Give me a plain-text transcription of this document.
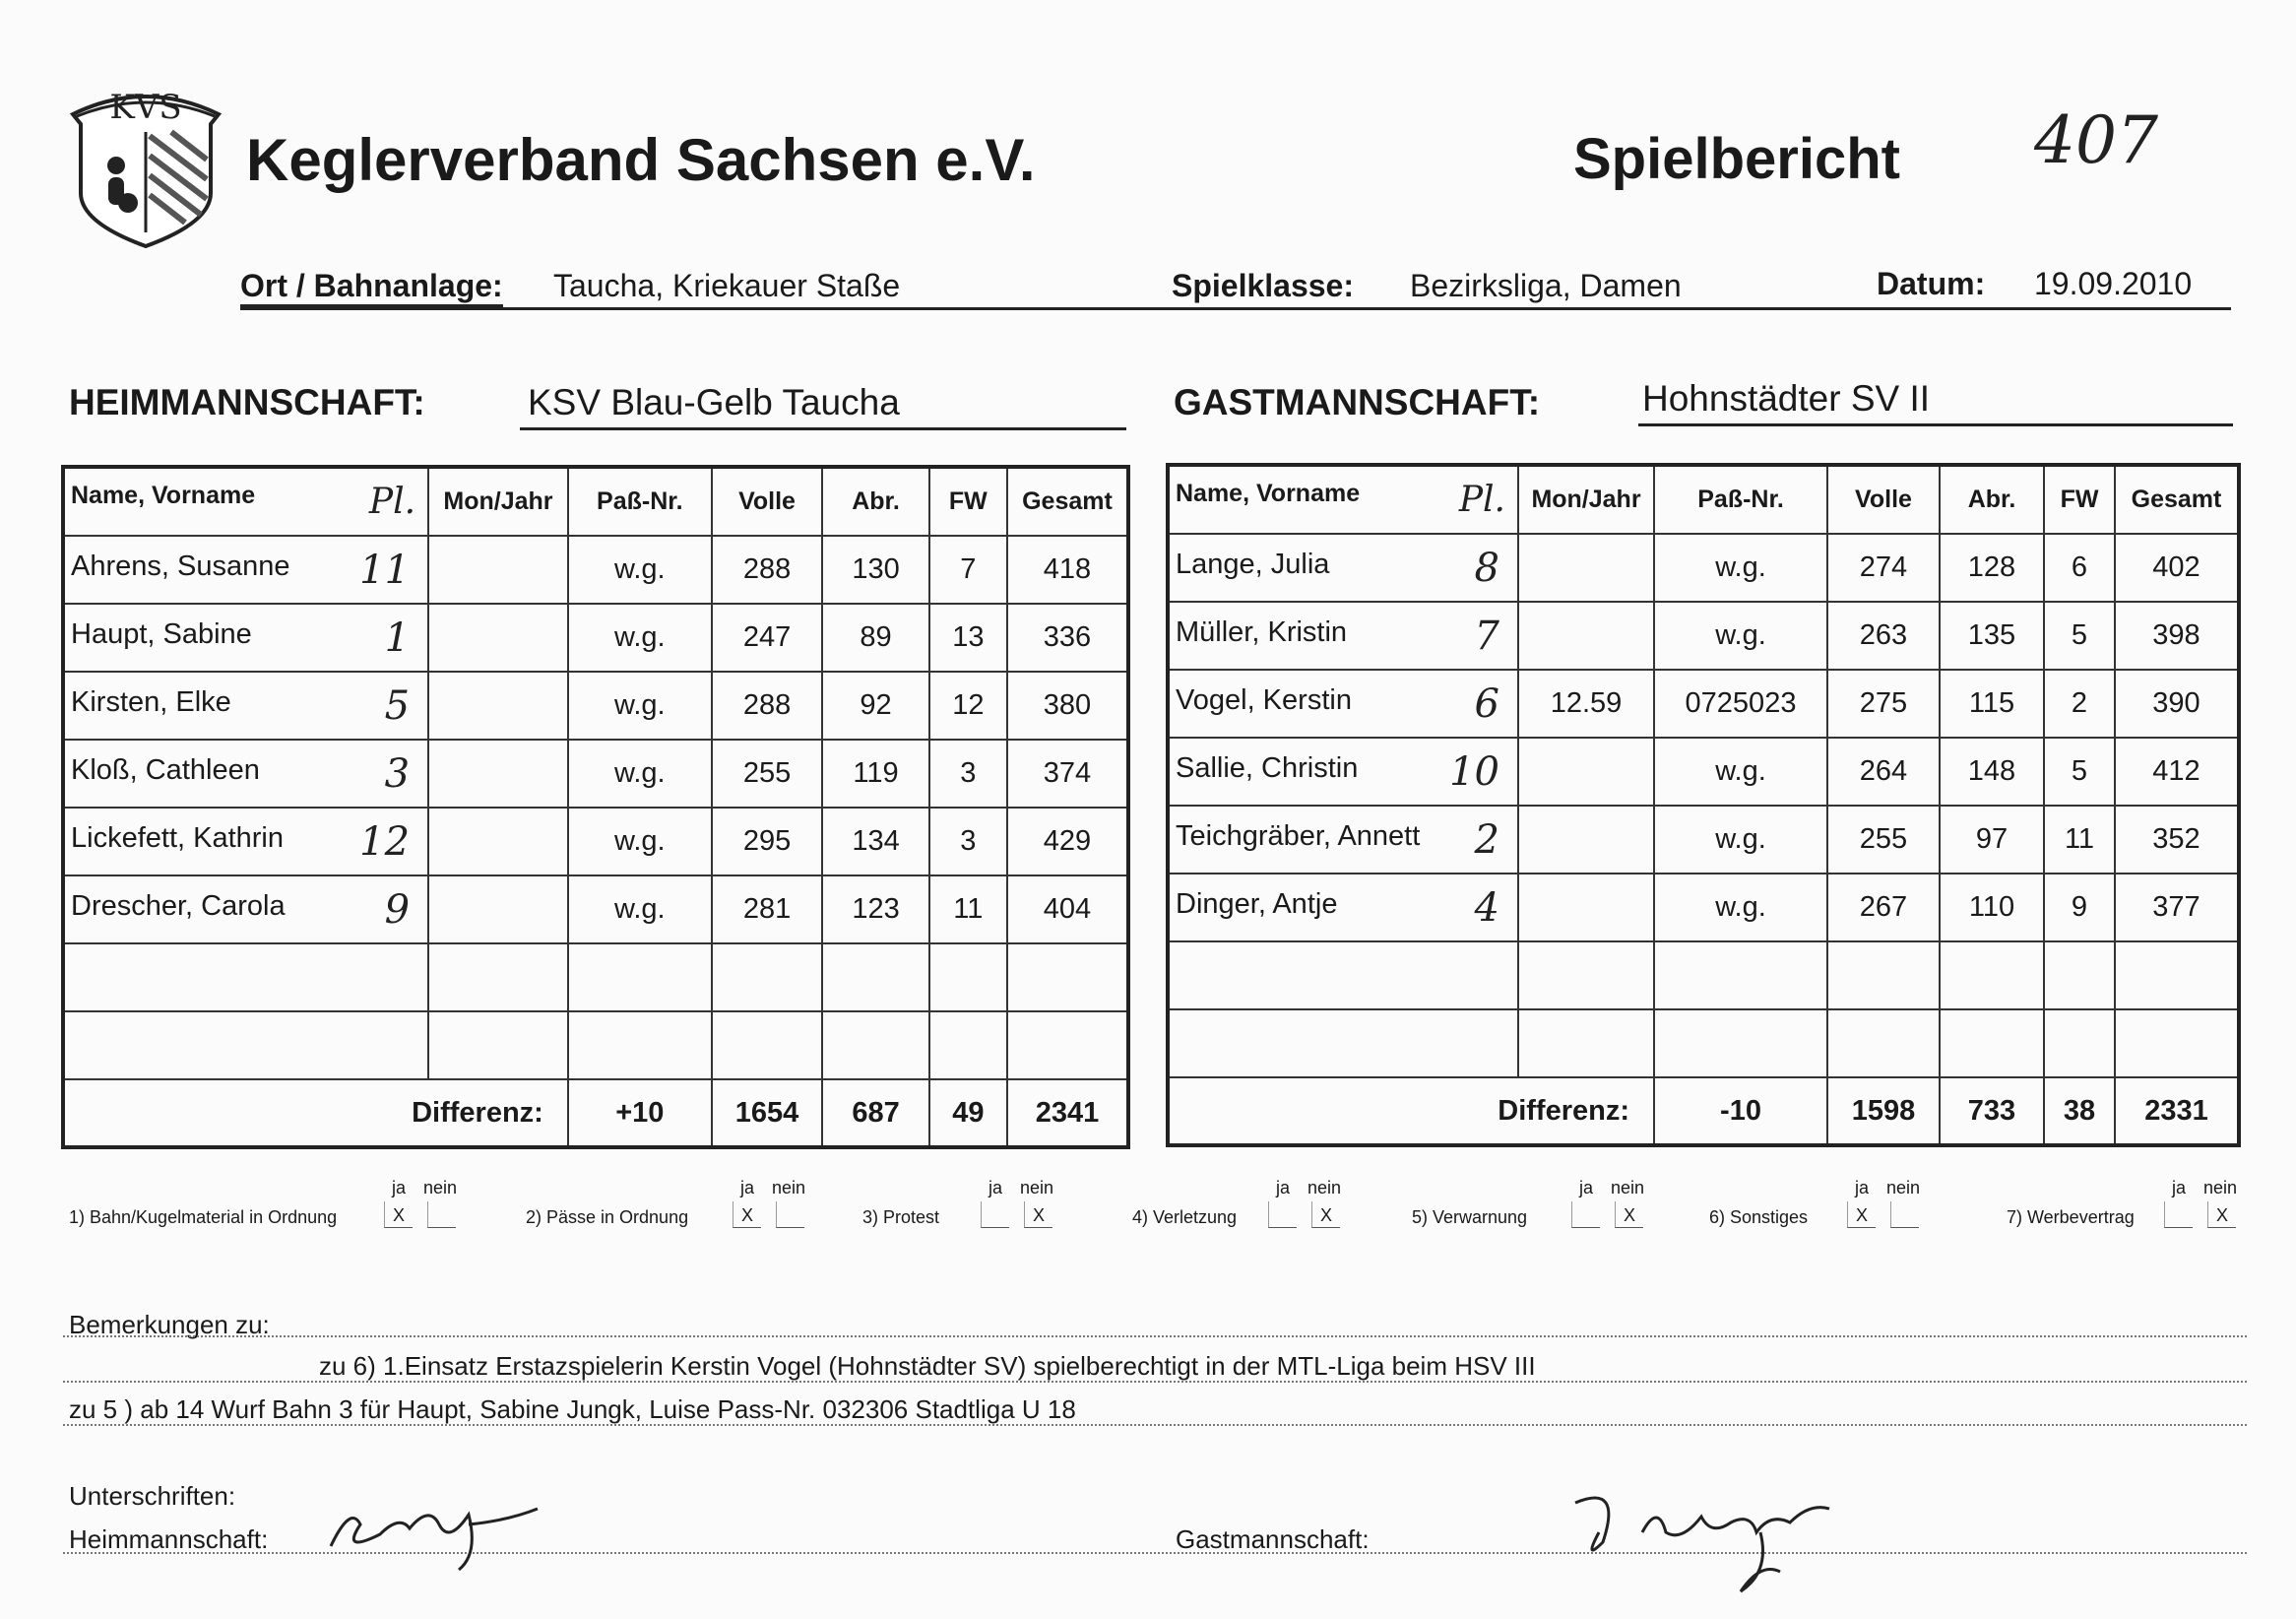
KVS
Keglerverband Sachsen e.V.	Spielbericht 407
Ort / Bahnanlage: Taucha, Kriekauer Staße	Spielklasse: Bezirksliga, Damen	Datum: 19.09.2010
HEIMMANNSCHAFT:	KSV Blau-Gelb Taucha	GASTMANNSCHAFT:	Hohnstädter SV II
Name, Vorname Pl.	Mon/Jahr	Paß-Nr.	Volle	Abr.	FW	Gesamt
Ahrens, Susanne 11		w.g.	288	130	7	418
Haupt, Sabine 1		w.g.	247	89	13	336
Kirsten, Elke 5		w.g.	288	92	12	380
Kloß, Cathleen 3		w.g.	255	119	3	374
Lickefett, Kathrin 12		w.g.	295	134	3	429
Drescher, Carola 9		w.g.	281	123	11	404

Differenz:		+10	1654	687	49	2341
Name, Vorname Pl.	Mon/Jahr	Paß-Nr.	Volle	Abr.	FW	Gesamt
Lange, Julia 8		w.g.	274	128	6	402
Müller, Kristin 7		w.g.	263	135	5	398
Vogel, Kerstin 6	12.59	0725023	275	115	2	390
Sallie, Christin 10		w.g.	264	148	5	412
Teichgräber, Annett 2		w.g.	255	97	11	352
Dinger, Antje 4		w.g.	267	110	9	377

Differenz:		-10	1598	733	38	2331
1) Bahn/Kugelmaterial in Ordnung
ja nein
X	2) Pässe in Ordnung
ja nein
X	3) Protest
ja nein
X	4) Verletzung
ja nein
X	5) Verwarnung
ja nein
X	6) Sonstiges
ja nein
X	7) Werbevertrag
ja nein
X
Bemerkungen zu:
zu 6) 1.Einsatz Erstazspielerin Kerstin Vogel (Hohnstädter SV) spielberechtigt in der MTL-Liga beim HSV III
zu 5 ) ab 14 Wurf Bahn 3 für Haupt, Sabine Jungk, Luise Pass-Nr. 032306 Stadtliga U 18
Unterschriften:
Heimmannschaft:	Gastmannschaft:
